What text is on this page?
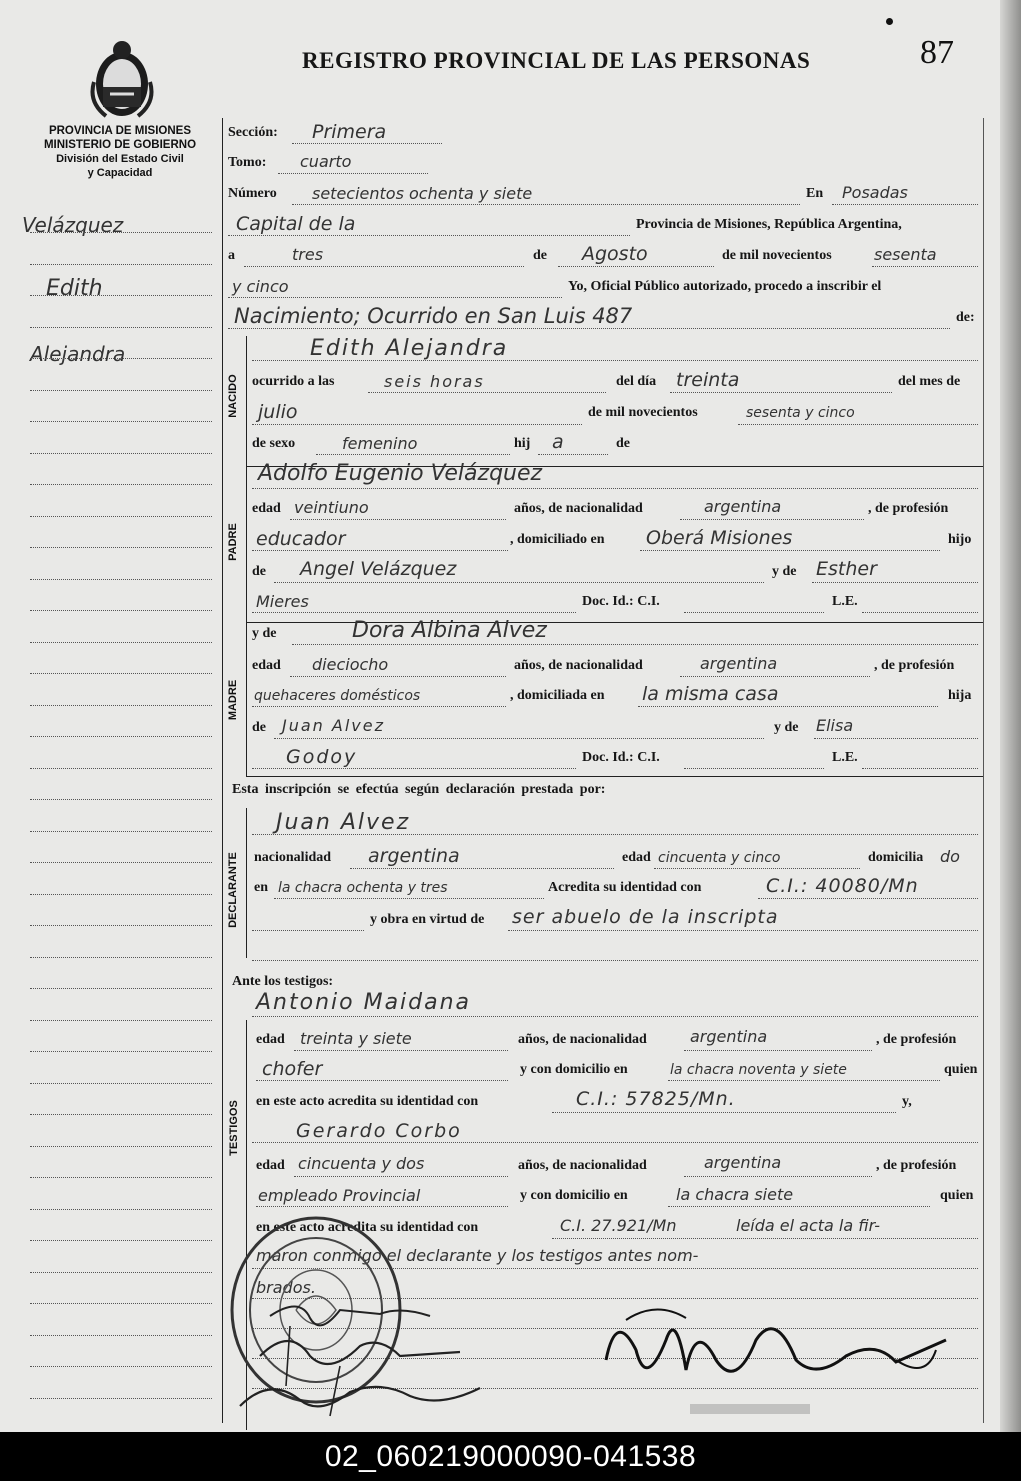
REGISTRO PROVINCIAL DE LAS PERSONAS	87
PROVINCIA DE MISIONES
MINISTERIO DE GOBIERNO
División del Estado Civil
y Capacidad
Velázquez
Edith
Alejandra
NACIDO
PADRE
MADRE
DECLARANTE
TESTIGOS
Sección: Primera
Tomo: cuarto
Número setecientos ochenta y siete	En Posadas
Capital de la	Provincia de Misiones, República Argentina,
a	tres	de Agosto	de mil novecientos	sesenta
y cinco	Yo, Oficial Público autorizado, procedo a inscribir el
Nacimiento; Ocurrido en San Luis 487	de:
Edith Alejandra
ocurrido a las	seis horas	del día treinta	del mes de
julio	de mil novecientos	sesenta y cinco
de sexo	femenino	hij a	de
Adolfo Eugenio Velázquez
edad veintiuno	años, de nacionalidad	argentina	, de profesión
educador	, domiciliado en Oberá Misiones	hijo
de Angel Velázquez	y de Esther
Mieres	Doc. Id.: C.I.	L.E.
y de	Dora Albina Alvez
edad dieciocho	años, de nacionalidad	argentina	, de profesión
quehaceres domésticos	, domiciliada en la misma casa	hija
de Juan Alvez	y de Elisa
Godoy	Doc. Id.: C.I.	L.E.
Esta inscripción se efectúa según declaración prestada por:
Juan Alvez
nacionalidad argentina	edad cincuenta y cinco	domicilia do
en la chacra ochenta y tres	Acredita su identidad con	C.I.: 40080/Mn
y obra en virtud de ser abuelo de la inscripta
Ante los testigos:
Antonio Maidana
edad treinta y siete	años, de nacionalidad	argentina	, de profesión
chofer	y con domicilio en	la chacra noventa y siete	quien
en este acto acredita su identidad con	C.I.: 57825/Mn.	y,
Gerardo Corbo
edad cincuenta y dos	años, de nacionalidad	argentina	, de profesión
empleado Provincial	y con domicilio en	la chacra siete	quien
en este acto acredita su identidad con	C.I. 27.921/Mn	leída el acta la fir-
maron conmigo el declarante y los testigos antes nom-
brados.
02_060219000090-041538
